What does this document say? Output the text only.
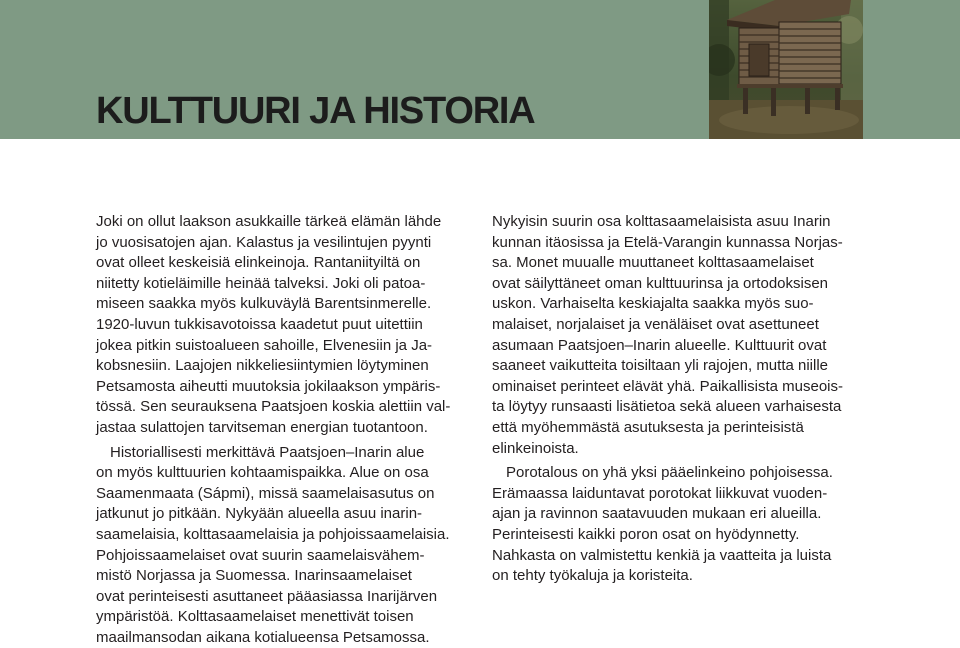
KULTTUURI JA HISTORIA

Joki on ollut laakson asukkaille tärkeä elämän lähde

jo vuosisatojen ajan. Kalastus ja vesilintujen pyynti

ovat olleet keskeisiä elinkeinoja. Rantaniityiltä on

niitetty kotieläimille heinää talveksi. Joki oli patoa-

miseen saakka myös kulkuväylä Barentsinmerelle.

1920-luvun tukkisavotoissa kaadetut puut uitettiin

jokea pitkin suistoalueen sahoille, Elvenesiin ja Ja-

kobsnesiin. Laajojen nikkeliesiintymien löytyminen

Petsamosta aiheutti muutoksia jokilaakson ympäris-

tössä. Sen seurauksena Paatsjoen koskia alettiin val-

jastaa sulattojen tarvitseman energian tuotantoon.

Historiallisesti merkittävä Paatsjoen–Inarin alue

on myös kulttuurien kohtaamispaikka. Alue on osa

Saamenmaata (Sápmi), missä saamelaisasutus on

jatkunut jo pitkään. Nykyään alueella asuu inarin-

saamelaisia, kolttasaamelaisia ja pohjoissaamelaisia.

Pohjoissaamelaiset ovat suurin saamelaisvähem-

mistö Norjassa ja Suomessa. Inarinsaamelaiset

ovat perinteisesti asuttaneet pääasiassa Inarijärven

ympäristöä. Kolttasaamelaiset menettivät toisen

maailmansodan aikana kotialueensa Petsamossa.

Nykyisin suurin osa kolttasaamelaisista asuu Inarin

kunnan itäosissa ja Etelä-Varangin kunnassa Norjas-

sa. Monet muualle muuttaneet kolttasaamelaiset

ovat säilyttäneet oman kulttuurinsa ja ortodoksisen

uskon. Varhaiselta keskiajalta saakka myös suo-

malaiset, norjalaiset ja venäläiset ovat asettuneet

asumaan Paatsjoen–Inarin alueelle. Kulttuurit ovat

saaneet vaikutteita toisiltaan yli rajojen, mutta niille

ominaiset perinteet elävät yhä. Paikallisista museois-

ta löytyy runsaasti lisätietoa sekä alueen varhaisesta

että myöhemmästä asutuksesta ja perinteisistä

elinkeinoista.

Porotalous on yhä yksi pääelinkeino pohjoisessa.

Erämaassa laiduntavat porotokat liikkuvat vuoden-

ajan ja ravinnon saatavuuden mukaan eri alueilla.

Perinteisesti kaikki poron osat on hyödynnetty.

Nahkasta on valmistettu kenkiä ja vaatteita ja luista

on tehty työkaluja ja koristeita.
